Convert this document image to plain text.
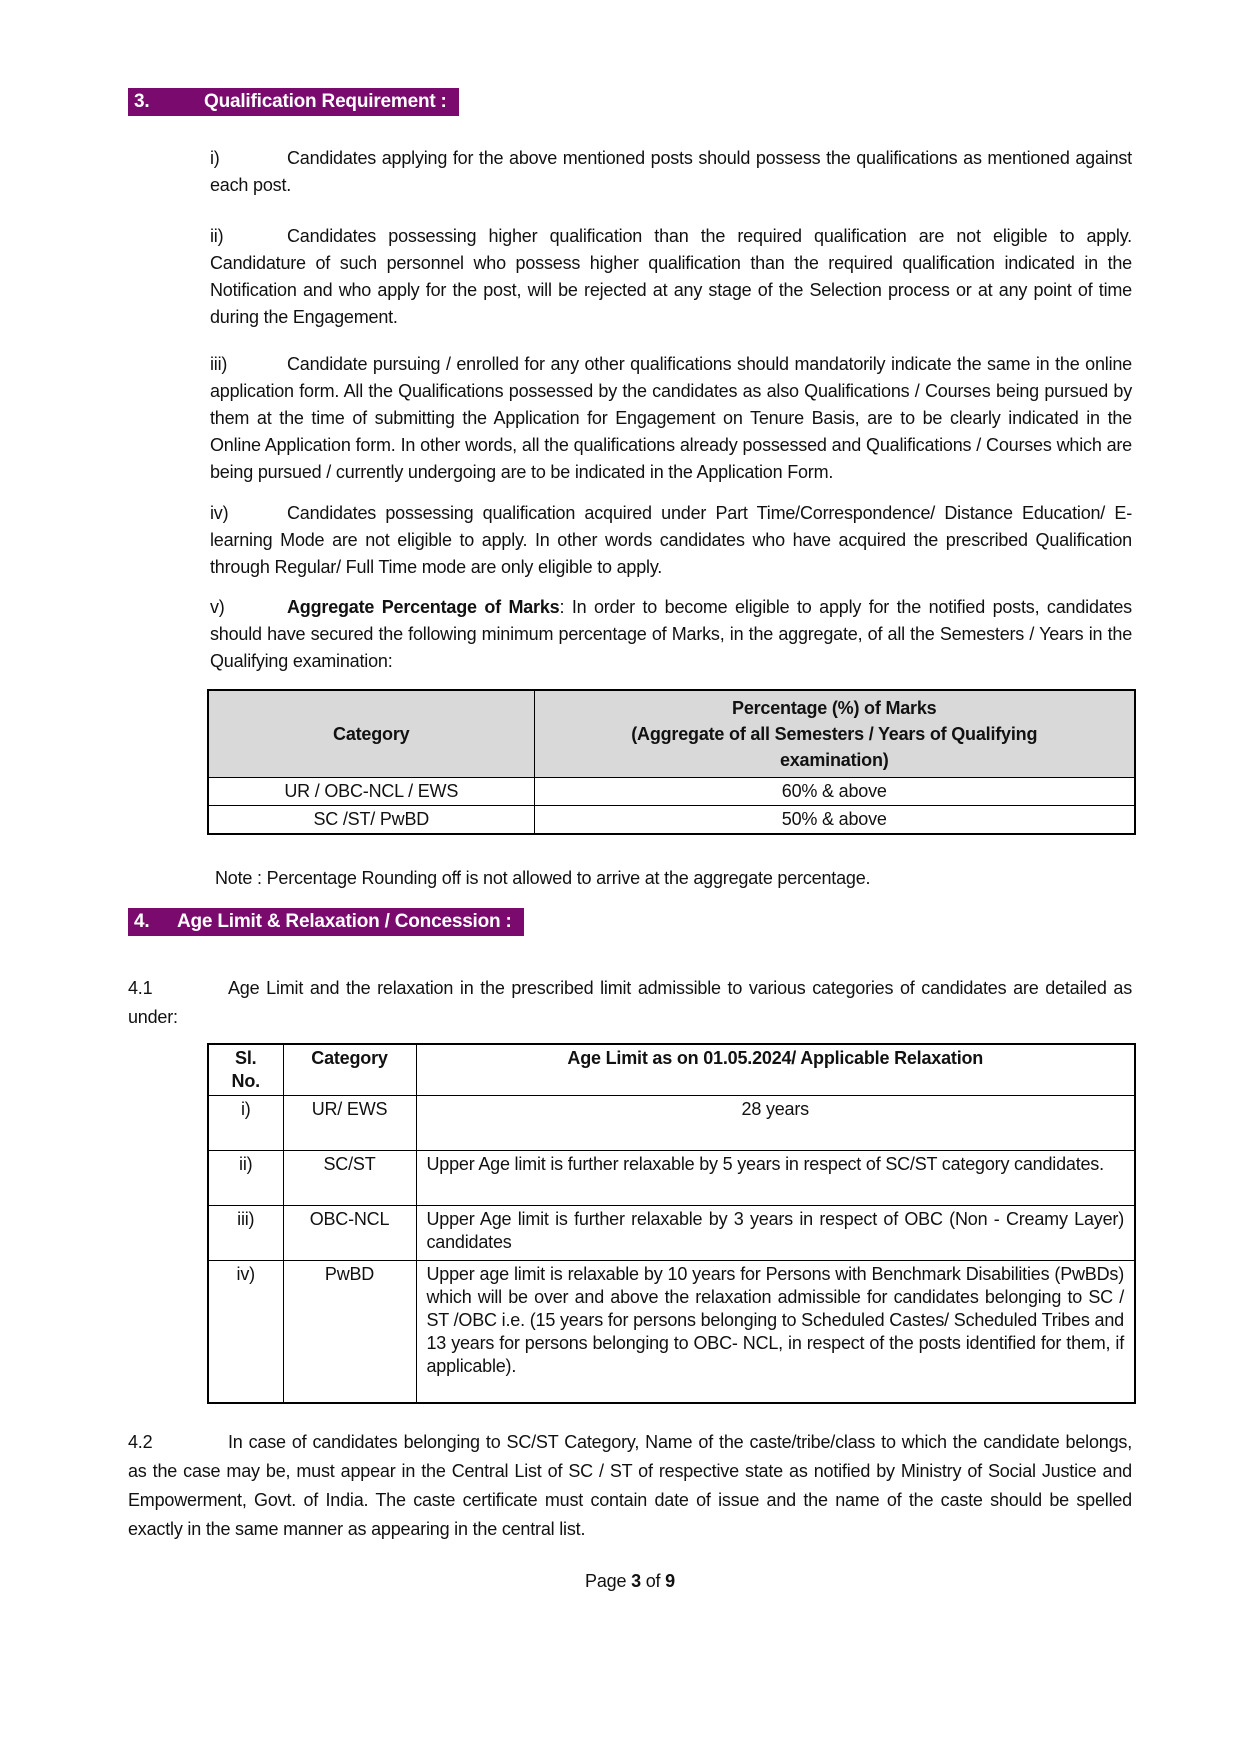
3.	Qualification Requirement :

i)	Candidates applying for the above mentioned posts should possess the qualifications as mentioned against each post.

ii)	Candidates possessing higher qualification than the required qualification are not eligible to apply. Candidature of such personnel who possess higher qualification than the required qualification indicated in the Notification and who apply for the post, will be rejected at any stage of the Selection process or at any point of time during the Engagement.

iii)	Candidate pursuing / enrolled for any other qualifications should mandatorily indicate the same in the online application form. All the Qualifications possessed by the candidates as also Qualifications / Courses being pursued by them at the time of submitting the Application for Engagement on Tenure Basis, are to be clearly indicated in the Online Application form. In other words, all the qualifications already possessed and Qualifications / Courses which are being pursued / currently undergoing are to be indicated in the Application Form.

iv)	Candidates possessing qualification acquired under Part Time/Correspondence/ Distance Education/ E-learning Mode are not eligible to apply. In other words candidates who have acquired the prescribed Qualification through Regular/ Full Time mode are only eligible to apply.

v)	Aggregate Percentage of Marks: In order to become eligible to apply for the notified posts, candidates should have secured the following minimum percentage of Marks, in the aggregate, of all the Semesters / Years in the Qualifying examination:

Category	Percentage (%) of Marks
(Aggregate of all Semesters / Years of Qualifying
examination)

UR / OBC-NCL / EWS	60% & above
SC /ST/ PwBD	50% & above

Note : Percentage Rounding off is not allowed to arrive at the aggregate percentage.

4. Age Limit & Relaxation / Concession :

4.1	Age Limit and the relaxation in the prescribed limit admissible to various categories of candidates are detailed as under:

Sl.
No.	Category	Age Limit as on 01.05.2024/ Applicable Relaxation
i)	UR/ EWS	28 years
ii)	SC/ST	Upper Age limit is further relaxable by 5 years in respect of SC/ST category candidates.
iii)	OBC-NCL	Upper Age limit is further relaxable by 3 years in respect of OBC (Non - Creamy Layer) candidates
iv)	PwBD	Upper age limit is relaxable by 10 years for Persons with Benchmark Disabilities (PwBDs) which will be over and above the relaxation admissible for candidates belonging to SC / ST /OBC i.e. (15 years for persons belonging to Scheduled Castes/ Scheduled Tribes and 13 years for persons belonging to OBC- NCL, in respect of the posts identified for them, if applicable).

4.2	In case of candidates belonging to SC/ST Category, Name of the caste/tribe/class to which the candidate belongs, as the case may be, must appear in the Central List of SC / ST of respective state as notified by Ministry of Social Justice and Empowerment, Govt. of India. The caste certificate must contain date of issue and the name of the caste should be spelled exactly in the same manner as appearing in the central list.

Page 3 of 9
